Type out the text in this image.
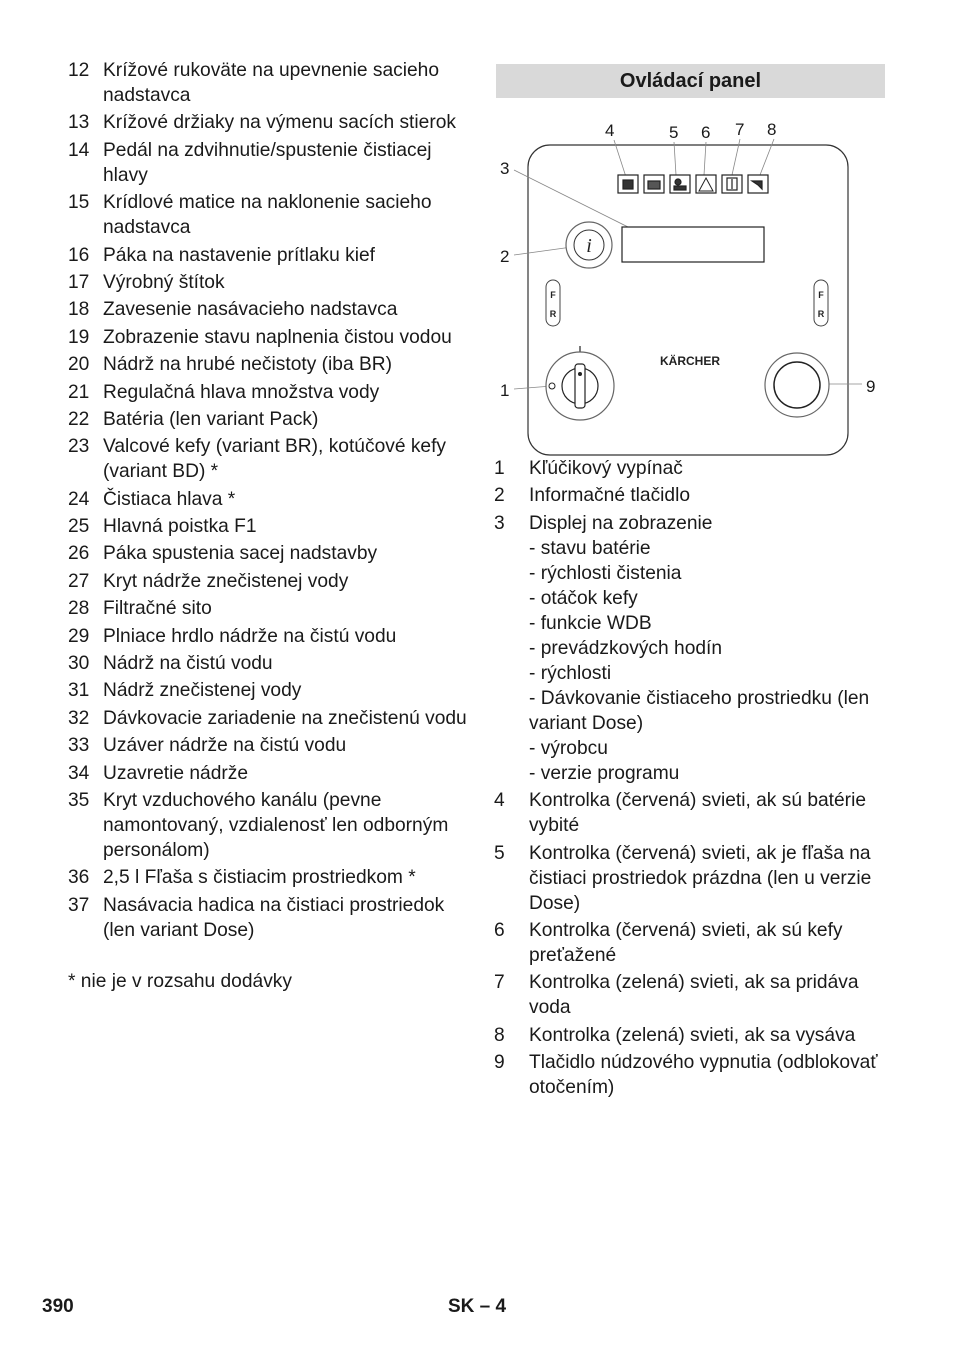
12 Krížové rukoväte na upevnenie sacieho nadstavca
13 Krížové držiaky na výmenu sacích stierok
14 Pedál na zdvihnutie/spustenie čistiacej hlavy
15 Krídlové matice na naklonenie sacieho nadstavca
16 Páka na nastavenie prítlaku kief
17 Výrobný štítok
18 Zavesenie nasávacieho nadstavca
19 Zobrazenie stavu naplnenia čistou vodou
20 Nádrž na hrubé nečistoty (iba BR)
21 Regulačná hlava množstva vody
22 Batéria (len variant Pack)
23 Valcové kefy (variant BR), kotúčové kefy (variant BD) *
24 Čistiaca hlava *
25 Hlavná poistka F1
26 Páka spustenia sacej nadstavby
27 Kryt nádrže znečistenej vody
28 Filtračné sito
29 Plniace hrdlo nádrže na čistú vodu
30 Nádrž na čistú vodu
31 Nádrž znečistenej vody
32 Dávkovacie zariadenie na znečistenú vodu
33 Uzáver nádrže na čistú vodu
34 Uzavretie nádrže
35 Kryt vzduchového kanálu (pevne namontovaný, vzdialenosť len odborným personálom)
36 2,5 l Fľaša s čistiacim prostriedkom *
37 Nasávacia hadica na čistiaci prostriedok (len variant Dose)
* nie je v rozsahu dodávky
Ovládací panel
4	5 6 7 8
3
2
1	9
i
F
R
F
R
KÄRCHER
1	Kľúčikový vypínač
2	Informačné tlačidlo
3	Displej na zobrazenie
- stavu batérie
- rýchlosti čistenia
- otáčok kefy
- funkcie WDB
- prevádzkových hodín
- rýchlosti
- Dávkovanie čistiaceho prostriedku (len variant Dose)
- výrobcu
- verzie programu
4	Kontrolka (červená) svieti, ak sú batérie vybité
5	Kontrolka (červená) svieti, ak je fľaša na čistiaci prostriedok prázdna (len u verzie Dose)
6	Kontrolka (červená) svieti, ak sú kefy preťažené
7	Kontrolka (zelená) svieti, ak sa pridáva voda
8	Kontrolka (zelená) svieti, ak sa vysáva
9	Tlačidlo núdzového vypnutia (odblokovať otočením)
390	SK – 4
